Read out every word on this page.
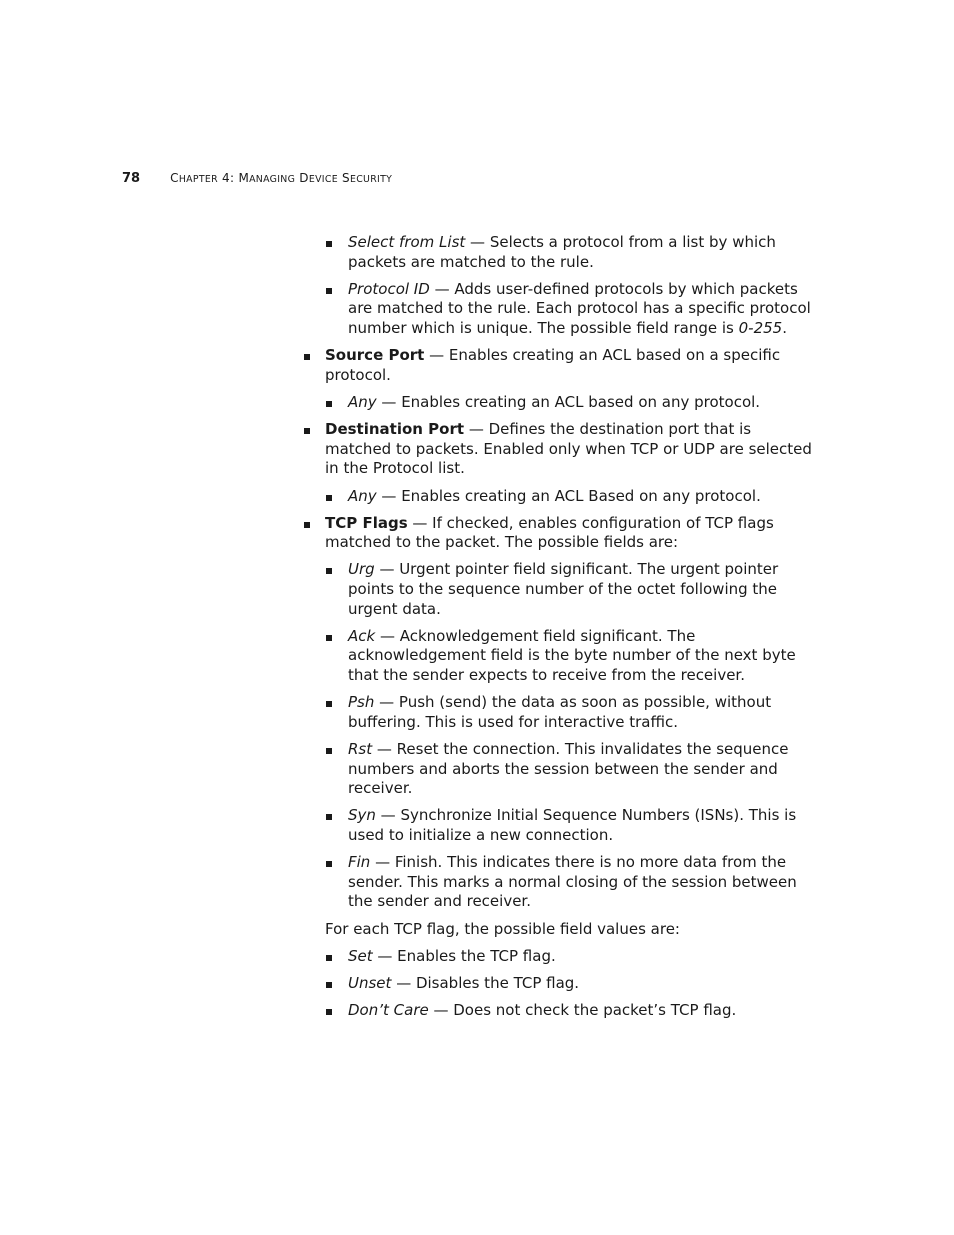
78	CHAPTER 4: MANAGING DEVICE SECURITY
Select from List — Selects a protocol from a list by which packets are matched to the rule.
Protocol ID — Adds user-defined protocols by which packets are matched to the rule. Each protocol has a specific protocol number which is unique. The possible field range is 0-255.
Source Port — Enables creating an ACL based on a specific protocol.
Any — Enables creating an ACL based on any protocol.
Destination Port — Defines the destination port that is matched to packets. Enabled only when TCP or UDP are selected in the Protocol list.
Any — Enables creating an ACL Based on any protocol.
TCP Flags — If checked, enables configuration of TCP flags matched to the packet. The possible fields are:
Urg — Urgent pointer field significant. The urgent pointer points to the sequence number of the octet following the urgent data.
Ack — Acknowledgement field significant. The acknowledgement field is the byte number of the next byte that the sender expects to receive from the receiver.
Psh — Push (send) the data as soon as possible, without buffering. This is used for interactive traffic.
Rst — Reset the connection. This invalidates the sequence numbers and aborts the session between the sender and receiver.
Syn — Synchronize Initial Sequence Numbers (ISNs). This is used to initialize a new connection.
Fin — Finish. This indicates there is no more data from the sender. This marks a normal closing of the session between the sender and receiver.
For each TCP flag, the possible field values are:
Set — Enables the TCP flag.
Unset — Disables the TCP flag.
Don’t Care — Does not check the packet’s TCP flag.
